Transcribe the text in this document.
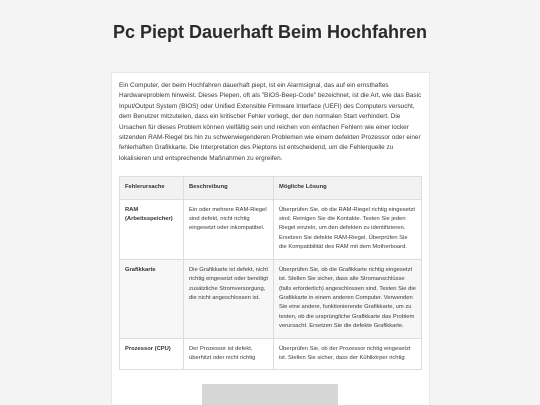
Pc Piept Dauerhaft Beim Hochfahren

Ein Computer, der beim Hochfahren dauerhaft piept, ist ein Alarmsignal, das auf ein ernsthaftes Hardwareproblem hinweist. Dieses Piepen, oft als "BIOS-Beep-Code" bezeichnet, ist die Art, wie das Basic Input/Output System (BIOS) oder Unified Extensible Firmware Interface (UEFI) des Computers versucht, dem Benutzer mitzuteilen, dass ein kritischer Fehler vorliegt, der den normalen Start verhindert. Die Ursachen für dieses Problem können vielfältig sein und reichen von einfachen Fehlern wie einer locker sitzenden RAM-Riegel bis hin zu schwerwiegenderen Problemen wie einem defekten Prozessor oder einer fehlerhaften Grafikkarte. Die Interpretation des Pieptons ist entscheidend, um die Fehlerquelle zu lokalisieren und entsprechende Maßnahmen zu ergreifen.

Fehlerursache	Beschreibung	Mögliche Lösung
RAM (Arbeitsspeicher)	Ein oder mehrere RAM-Riegel sind defekt, nicht richtig eingesetzt oder inkompatibel.	Überprüfen Sie, ob die RAM-Riegel richtig eingesetzt sind. Reinigen Sie die Kontakte. Testen Sie jeden Riegel einzeln, um den defekten zu identifizieren. Ersetzen Sie defekte RAM-Riegel. Überprüfen Sie die Kompatibilität des RAM mit dem Motherboard.
Grafikkarte	Die Grafikkarte ist defekt, nicht richtig eingesetzt oder benötigt zusätzliche Stromversorgung, die nicht angeschlossen ist.	Überprüfen Sie, ob die Grafikkarte richtig eingesetzt ist. Stellen Sie sicher, dass alle Stromanschlüsse (falls erforderlich) angeschlossen sind. Testen Sie die Grafikkarte in einem anderen Computer. Verwenden Sie eine andere, funktionierende Grafikkarte, um zu testen, ob die ursprüngliche Grafikkarte das Problem verursacht. Ersetzen Sie die defekte Grafikkarte.
Prozessor (CPU)	Der Prozessor ist defekt, überhitzt oder nicht richtig	Überprüfen Sie, ob der Prozessor richtig eingesetzt ist. Stellen Sie sicher, dass der Kühlkörper richtig
